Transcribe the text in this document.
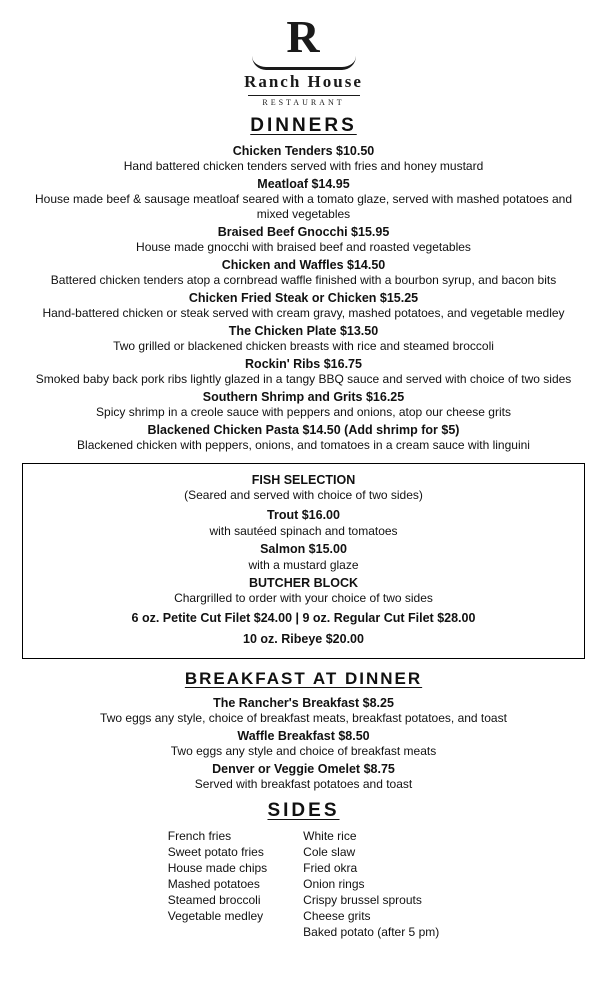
R
Ranch House
RESTAURANT
DINNERS
Chicken Tenders $10.50
Hand battered chicken tenders served with fries and honey mustard
Meatloaf $14.95
House made beef & sausage meatloaf seared with a tomato glaze, served with mashed potatoes and mixed vegetables
Braised Beef Gnocchi $15.95
House made gnocchi with braised beef and roasted vegetables
Chicken and Waffles $14.50
Battered chicken tenders atop a cornbread waffle finished with a bourbon syrup, and bacon bits
Chicken Fried Steak or Chicken $15.25
Hand-battered chicken or steak served with cream gravy, mashed potatoes, and vegetable medley
The Chicken Plate $13.50
Two grilled or blackened chicken breasts with rice and steamed broccoli
Rockin' Ribs $16.75
Smoked baby back pork ribs lightly glazed in a tangy BBQ sauce and served with choice of two sides
Southern Shrimp and Grits $16.25
Spicy shrimp in a creole sauce with peppers and onions, atop our cheese grits
Blackened Chicken Pasta $14.50 (Add shrimp for $5)
Blackened chicken with peppers, onions, and tomatoes in a cream sauce with linguini
FISH SELECTION
(Seared and served with choice of two sides)
Trout $16.00
with sautéed spinach and tomatoes
Salmon $15.00
with a mustard glaze
BUTCHER BLOCK
Chargrilled to order with your choice of two sides
6 oz. Petite Cut Filet $24.00 | 9 oz. Regular Cut Filet $28.00
10 oz. Ribeye $20.00
BREAKFAST AT DINNER
The Rancher's Breakfast $8.25
Two eggs any style, choice of breakfast meats, breakfast potatoes, and toast
Waffle Breakfast $8.50
Two eggs any style and choice of breakfast meats
Denver or Veggie Omelet $8.75
Served with breakfast potatoes and toast
SIDES
French fries
Sweet potato fries
House made chips
Mashed potatoes
Steamed broccoli
Vegetable medley
White rice
Cole slaw
Fried okra
Onion rings
Crispy brussel sprouts
Cheese grits
Baked potato (after 5 pm)
